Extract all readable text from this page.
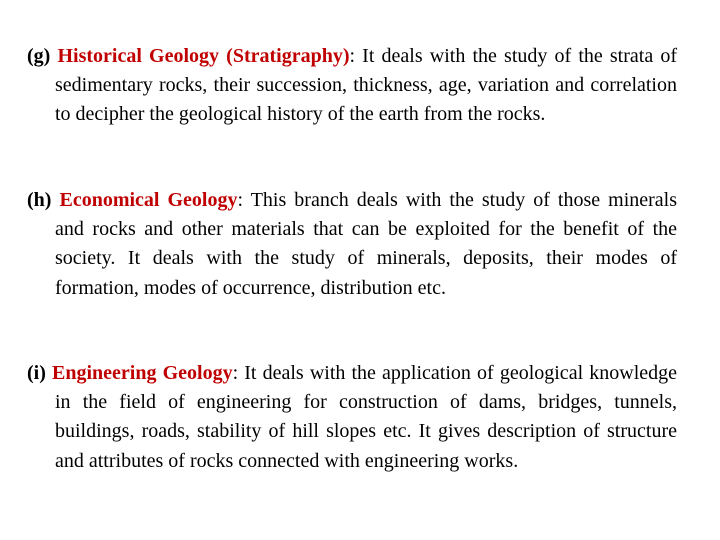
(g) Historical Geology (Stratigraphy): It deals with the study of the strata of sedimentary rocks, their succession, thickness, age, variation and correlation to decipher the geological history of the earth from the rocks.

(h) Economical Geology: This branch deals with the study of those minerals and rocks and other materials that can be exploited for the benefit of the society. It deals with the study of minerals, deposits, their modes of formation, modes of occurrence, distribution etc.

(i) Engineering Geology: It deals with the application of geological knowledge in the field of engineering for construction of dams, bridges, tunnels, buildings, roads, stability of hill slopes etc. It gives description of structure and attributes of rocks connected with engineering works.
